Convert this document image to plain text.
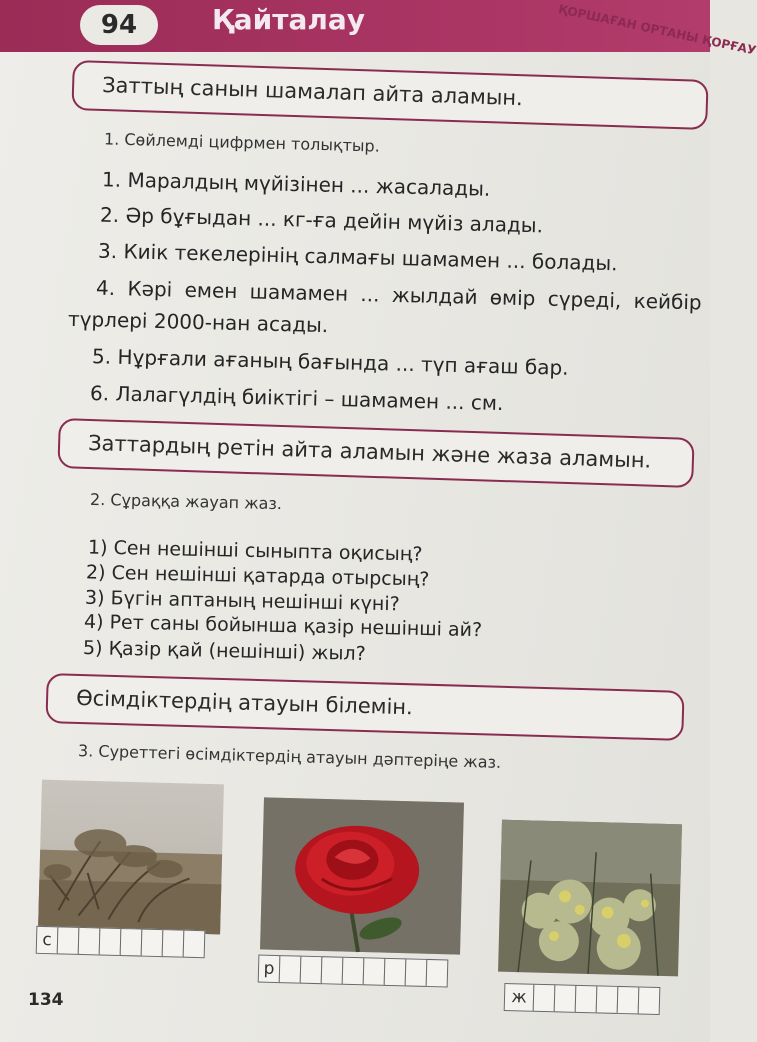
94	Қайталау	ҚОРШАҒАН ОРТАНЫ ҚОРҒАУ
Заттың санын шамалап айта аламын.
1. Сөйлемді цифрмен толықтыр.
1. Маралдың мүйізінен ... жасалады.
2. Әр бұғыдан ... кг-ға дейін мүйіз алады.
3. Киік текелерінің салмағы шамамен ... болады.
4. Кәрі емен шамамен ... жылдай өмір сүреді, кейбір
түрлері 2000-нан асады.
5. Нұрғали ағаның бағында ... түп ағаш бар.
6. Лалагүлдің биіктігі – шамамен ... см.
Заттардың ретін айта аламын және жаза аламын.
2. Сұраққа жауап жаз.
1) Сен нешінші сыныпта оқисың?
2) Сен нешінші қатарда отырсың?
3) Бүгін аптаның нешінші күні?
4) Рет саны бойынша қазір нешінші ай?
5) Қазір қай (нешінші) жыл?
Өсімдіктердің атауын білемін.
3. Суреттегі өсімдіктердің атауын дәптеріңе жаз.
с
р
ж
134
